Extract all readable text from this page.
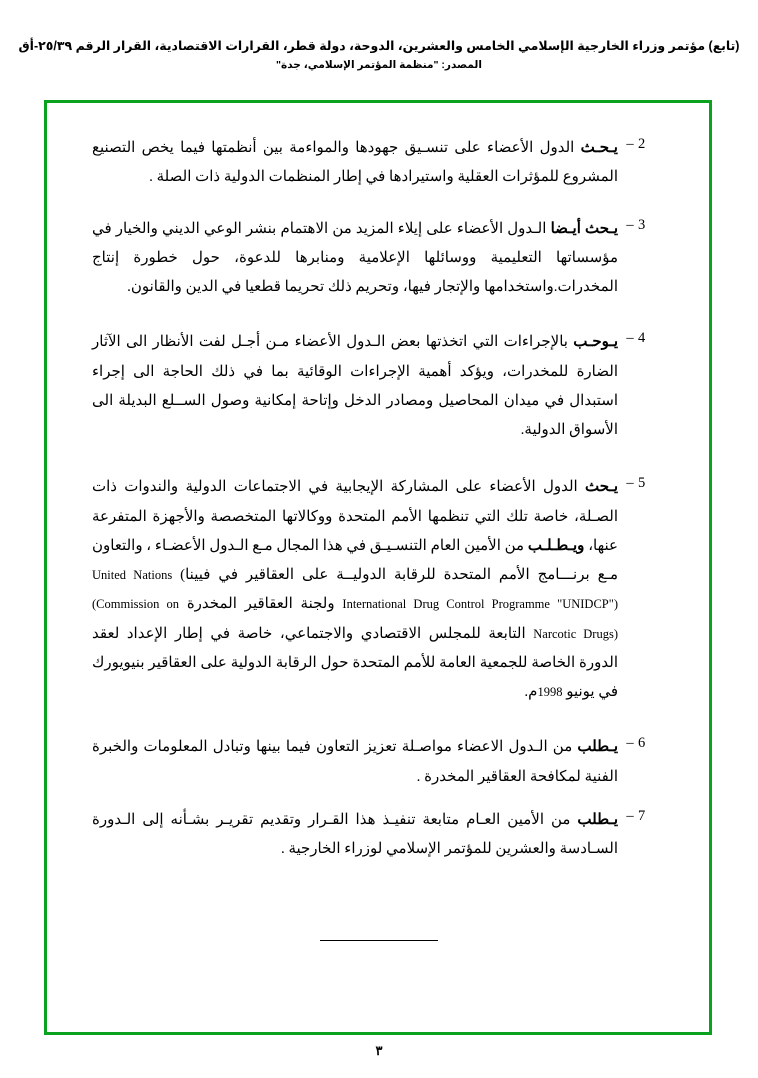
(تابع) مؤتمر وزراء الخارجية الإسلامي الخامس والعشرين، الدوحة، دولة قطر، القرارات الاقتصادية، القرار الرقم ٢٥/٣٩-أق
المصدر: "منظمة المؤتمر الإسلامي، جدة"
2
–
يـحـث الدول الأعضاء على تنسـيق جهودها والمواءمة بين أنظمتها فيما يخص التصنيع المشروع للمؤثرات العقلية واستيرادها في إطار المنظمات الدولية ذات الصلة .
3
–
يـحث أيـضا الـدول الأعضاء على إيلاء المزيد من الاهتمام بنشر الوعي الديني والخيار في مؤسساتها التعليمية ووسائلها الإعلامية ومنابرها للدعوة، حول خطورة إنتاج المخدرات.واستخدامها والإتجار فيها، وتحريم ذلك تحريما قطعيا في الدين والقانون.
4
–
يـوحـب بالإجراءات التي اتخذتها بعض الـدول الأعضاء مـن أجـل لفت الأنظار الى الآثار الضارة للمخدرات، ويؤكد أهمية الإجراءات الوقائية بما في ذلك الحاجة الى إجراء استبدال في ميدان المحاصيل ومصادر الدخل وإتاحة إمكانية وصول الســلع البديلة الى الأسواق الدولية.
5
–
يـحث الدول الأعضاء على المشاركة الإيجابية في الاجتماعات الدولية والندوات ذات الصـلة، خاصة تلك التي تنظمها الأمم المتحدة ووكالاتها المتخصصة والأجهزة المتفرعة عنها، ويـطـلـب من الأمين العام التنسـيـق في هذا المجال مـع الـدول الأعضـاء ، والتعاون مـع برنـــامج الأمم المتحدة للرقابة الدوليــة على العقاقير في فيينا) United Nations International Drug Control Programme "UNIDCP") ولجنة العقاقير المخدرة (Commission on Narcotic Drugs) التابعة للمجلس الاقتصادي والاجتماعي، خاصة في إطار الإعداد لعقد الدورة الخاصة للجمعية العامة للأمم المتحدة حول الرقابة الدولية على العقاقير بنيويورك في يونيو 1998م.
6
–
يـطلب من الـدول الاعضاء مواصـلة تعزيز التعاون فيما بينها وتبادل المعلومات والخبرة الفنية لمكافحة العقاقير المخدرة .
7
–
يـطلب من الأمين العـام متابعة تنفيـذ هذا القـرار وتقديم تقريـر بشـأنه إلى الـدورة السـادسة والعشرين للمؤتمر الإسلامي لوزراء الخارجية .
٣
